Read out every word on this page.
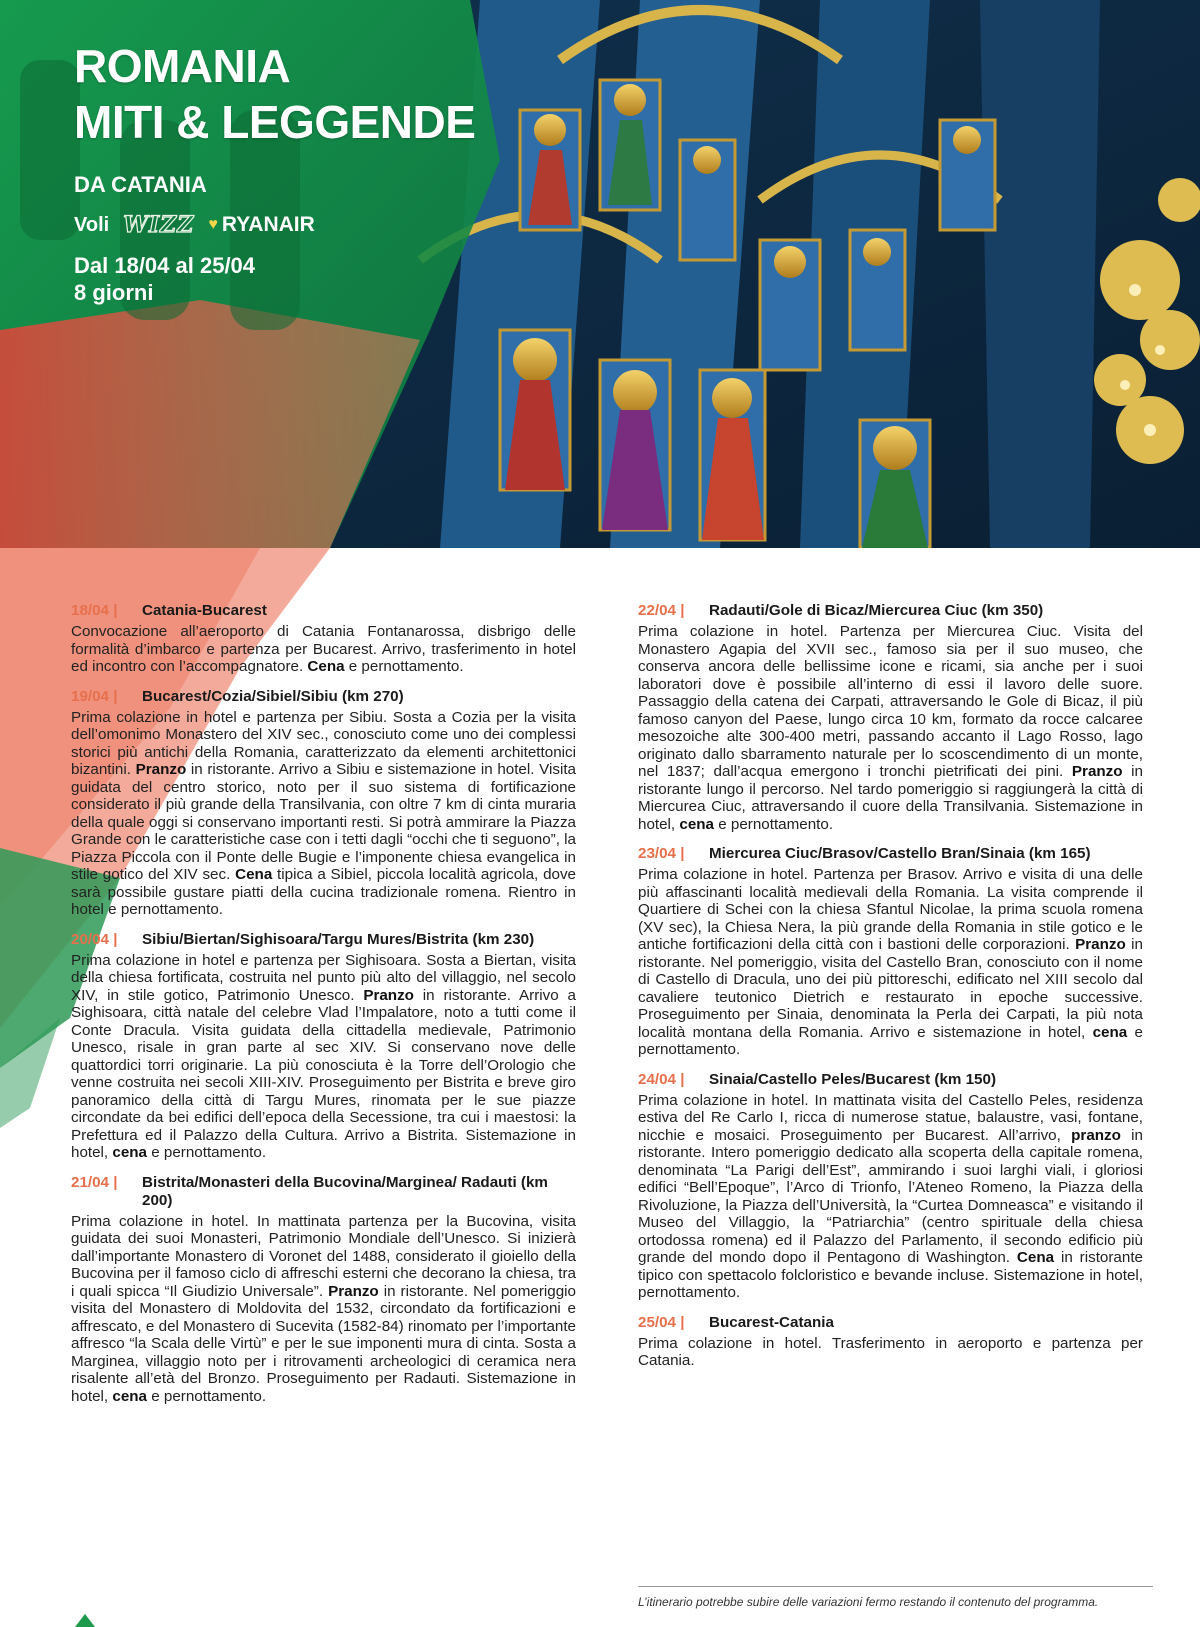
ROMANIA
MITI & LEGGENDE
DA CATANIA
Voli WIZZ ♥ RYANAIR
Dal 18/04 al 25/04
8 giorni
18/04 |	Catania-Bucarest
Convocazione all’aeroporto di Catania Fontanarossa, disbrigo delle formalità d’imbarco e partenza per Bucarest. Arrivo, trasferimento in hotel ed incontro con l’accompagnatore. Cena e pernottamento.
19/04 |	Bucarest/Cozia/Sibiel/Sibiu (km 270)
Prima colazione in hotel e partenza per Sibiu. Sosta a Cozia per la visita dell’omonimo Monastero del XIV sec., conosciuto come uno dei complessi storici più antichi della Romania, caratterizzato da elementi architettonici bizantini. Pranzo in ristorante. Arrivo a Sibiu e sistemazione in hotel. Visita guidata del centro storico, noto per il suo sistema di fortificazione considerato il più grande della Transilvania, con oltre 7 km di cinta muraria della quale oggi si conservano importanti resti. Si potrà ammirare la Piazza Grande con le caratteristiche case con i tetti dagli “occhi che ti seguono”, la Piazza Piccola con il Ponte delle Bugie e l’imponente chiesa evangelica in stile gotico del XIV sec. Cena tipica a Sibiel, piccola località agricola, dove sarà possibile gustare piatti della cucina tradizionale romena. Rientro in hotel e pernottamento.
20/04 |	Sibiu/Biertan/Sighisoara/Targu Mures/Bistrita (km 230)
Prima colazione in hotel e partenza per Sighisoara. Sosta a Biertan, visita della chiesa fortificata, costruita nel punto più alto del villaggio, nel secolo XIV, in stile gotico, Patrimonio Unesco. Pranzo in ristorante. Arrivo a Sighisoara, città natale del celebre Vlad l’Impalatore, noto a tutti come il Conte Dracula. Visita guidata della cittadella medievale, Patrimonio Unesco, risale in gran parte al sec XIV. Si conservano nove delle quattordici torri originarie. La più conosciuta è la Torre dell’Orologio che venne costruita nei secoli XIII-XIV. Proseguimento per Bistrita e breve giro panoramico della città di Targu Mures, rinomata per le sue piazze circondate da bei edifici dell’epoca della Secessione, tra cui i maestosi: la Prefettura ed il Palazzo della Cultura. Arrivo a Bistrita. Sistemazione in hotel, cena e pernottamento.
21/04 |	Bistrita/Monasteri della Bucovina/Marginea/ Radauti (km 200)
Prima colazione in hotel. In mattinata partenza per la Bucovina, visita guidata dei suoi Monasteri, Patrimonio Mondiale dell’Unesco. Si inizierà dall’importante Monastero di Voronet del 1488, considerato il gioiello della Bucovina per il famoso ciclo di affreschi esterni che decorano la chiesa, tra i quali spicca “Il Giudizio Universale”. Pranzo in ristorante. Nel pomeriggio visita del Monastero di Moldovita del 1532, circondato da fortificazioni e affrescato, e del Monastero di Sucevita (1582-84) rinomato per l’importante affresco “la Scala delle Virtù” e per le sue imponenti mura di cinta. Sosta a Marginea, villaggio noto per i ritrovamenti archeologici di ceramica nera risalente all’età del Bronzo. Proseguimento per Radauti. Sistemazione in hotel, cena e pernottamento.
22/04 |	Radauti/Gole di Bicaz/Miercurea Ciuc (km 350)
Prima colazione in hotel. Partenza per Miercurea Ciuc. Visita del Monastero Agapia del XVII sec., famoso sia per il suo museo, che conserva ancora delle bellissime icone e ricami, sia anche per i suoi laboratori dove è possibile all’interno di essi il lavoro delle suore. Passaggio della catena dei Carpati, attraversando le Gole di Bicaz, il più famoso canyon del Paese, lungo circa 10 km, formato da rocce calcaree mesozoiche alte 300-400 metri, passando accanto il Lago Rosso, lago originato dallo sbarramento naturale per lo scoscendimento di un monte, nel 1837; dall’acqua emergono i tronchi pietrificati dei pini. Pranzo in ristorante lungo il percorso. Nel tardo pomeriggio si raggiungerà la città di Miercurea Ciuc, attraversando il cuore della Transilvania. Sistemazione in hotel, cena e pernottamento.
23/04 |	Miercurea Ciuc/Brasov/Castello Bran/Sinaia (km 165)
Prima colazione in hotel. Partenza per Brasov. Arrivo e visita di una delle più affascinanti località medievali della Romania. La visita comprende il Quartiere di Schei con la chiesa Sfantul Nicolae, la prima scuola romena (XV sec), la Chiesa Nera, la più grande della Romania in stile gotico e le antiche fortificazioni della città con i bastioni delle corporazioni. Pranzo in ristorante. Nel pomeriggio, visita del Castello Bran, conosciuto con il nome di Castello di Dracula, uno dei più pittoreschi, edificato nel XIII secolo dal cavaliere teutonico Dietrich e restaurato in epoche successive. Proseguimento per Sinaia, denominata la Perla dei Carpati, la più nota località montana della Romania. Arrivo e sistemazione in hotel, cena e pernottamento.
24/04 |	Sinaia/Castello Peles/Bucarest (km 150)
Prima colazione in hotel. In mattinata visita del Castello Peles, residenza estiva del Re Carlo I, ricca di numerose statue, balaustre, vasi, fontane, nicchie e mosaici. Proseguimento per Bucarest. All’arrivo, pranzo in ristorante. Intero pomeriggio dedicato alla scoperta della capitale romena, denominata “La Parigi dell’Est”, ammirando i suoi larghi viali, i gloriosi edifici “Bell’Epoque”, l’Arco di Trionfo, l’Ateneo Romeno, la Piazza della Rivoluzione, la Piazza dell’Università, la “Curtea Domneasca” e visitando il Museo del Villaggio, la “Patriarchia” (centro spirituale della chiesa ortodossa romena) ed il Palazzo del Parlamento, il secondo edificio più grande del mondo dopo il Pentagono di Washington. Cena in ristorante tipico con spettacolo folcloristico e bevande incluse. Sistemazione in hotel, pernottamento.
25/04 |	Bucarest-Catania
Prima colazione in hotel. Trasferimento in aeroporto e partenza per Catania.
L’itinerario potrebbe subire delle variazioni fermo restando il contenuto del programma.
